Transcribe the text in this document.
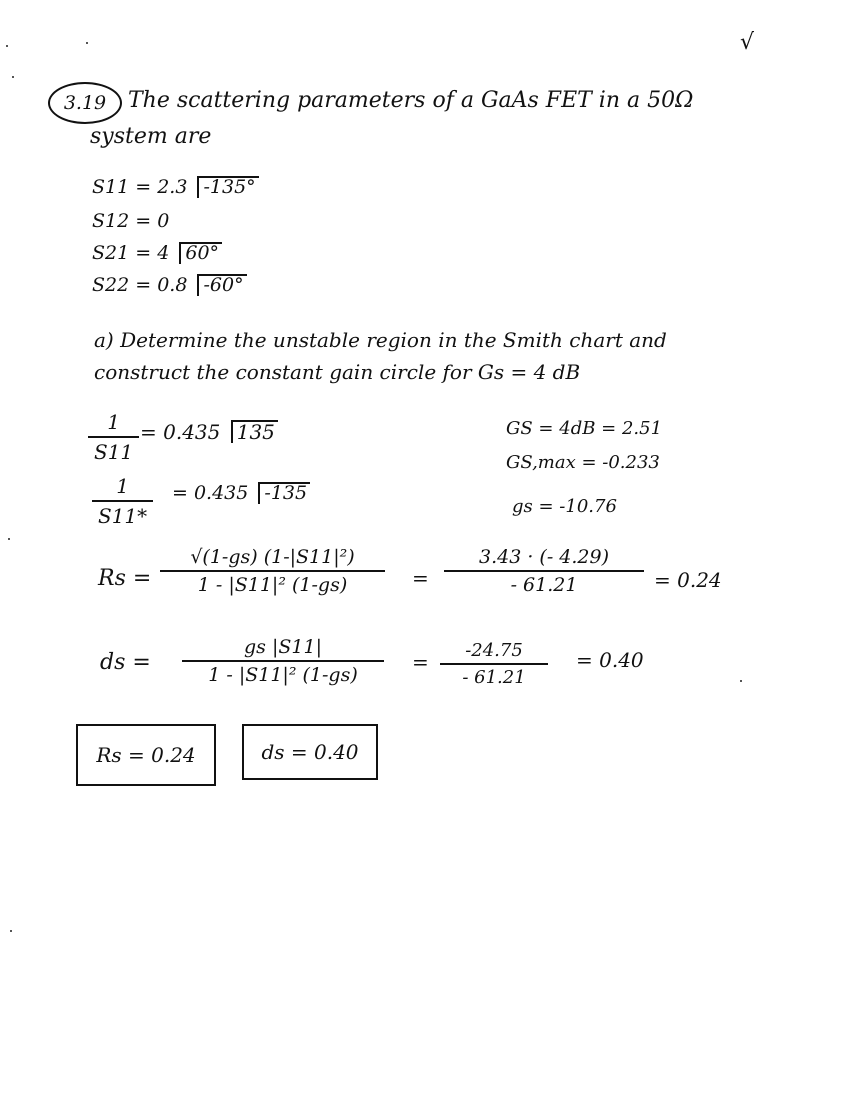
√
3.19 The scattering parameters of a GaAs FET in a 50Ω
system are
S11 = 2.3 -135°
S12 = 0
S21 = 4 60°
S22 = 0.8 -60°
a) Determine the unstable region in the Smith chart and
construct the constant gain circle for Gs = 4 dB
1
S11
= 0.435 135
1
S11*
= 0.435 -135
GS = 4dB = 2.51
GS,max = -0.233
gs = -10.76
Rs =
√(1-gs) (1-|S11|²)
1 - |S11|² (1-gs)	=
3.43 · (- 4.29)
- 61.21	= 0.24
ds =
gs |S11|
1 - |S11|² (1-gs)
=	-24.75
- 61.21
= 0.40
Rs = 0.24	ds = 0.40
